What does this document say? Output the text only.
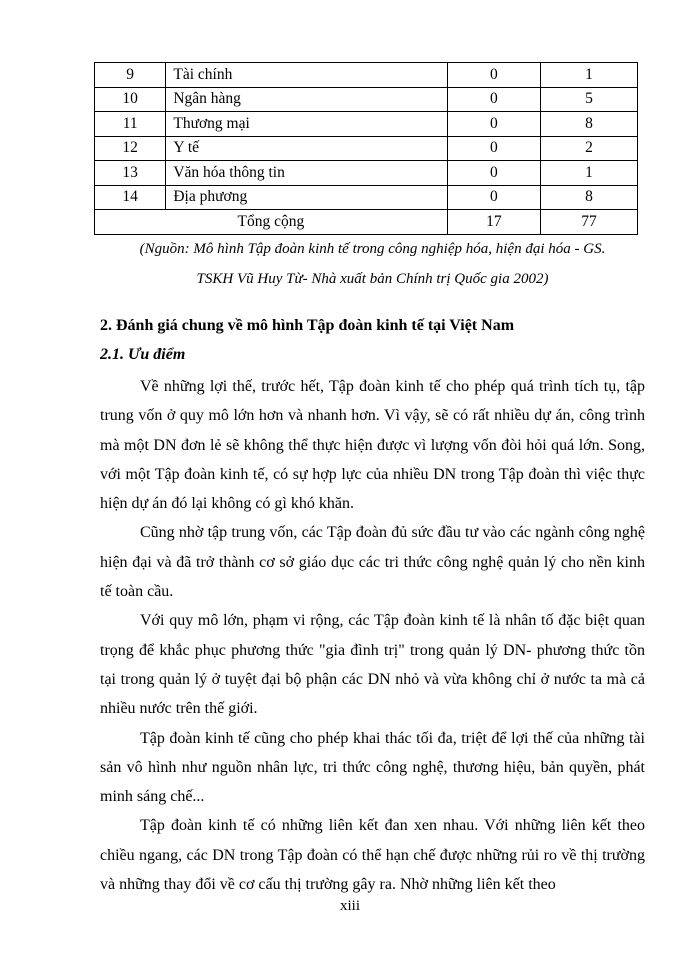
9	Tài chính	0	1
10	Ngân hàng	0	5
11	Thương mại	0	8
12	Y tế	0	2
13	Văn hóa thông tin	0	1
14	Địa phương	0	8
Tổng cộng		17	77

(Nguồn: Mô hình Tập đoàn kinh tế trong công nghiệp hóa, hiện đại hóa - GS.
TSKH Vũ Huy Từ- Nhà xuất bản Chính trị Quốc gia 2002)

2. Đánh giá chung về mô hình Tập đoàn kinh tế tại Việt Nam

2.1. Ưu điểm

Về những lợi thế, trước hết, Tập đoàn kinh tế cho phép quá trình tích tụ, tập trung vốn ở quy mô lớn hơn và nhanh hơn. Vì vậy, sẽ có rất nhiều dự án, công trình mà một DN đơn lẻ sẽ không thể thực hiện được vì lượng vốn đòi hỏi quá lớn. Song, với một Tập đoàn kinh tế, có sự hợp lực của nhiều DN trong Tập đoàn thì việc thực hiện dự án đó lại không có gì khó khăn.

Cũng nhờ tập trung vốn, các Tập đoàn đủ sức đầu tư vào các ngành công nghệ hiện đại và đã trở thành cơ sở giáo dục các tri thức công nghệ quản lý cho nền kinh tế toàn cầu.

Với quy mô lớn, phạm vi rộng, các Tập đoàn kinh tế là nhân tố đặc biệt quan trọng để khắc phục phương thức "gia đình trị" trong quản lý DN- phương thức tồn tại trong quản lý ở tuyệt đại bộ phận các DN nhỏ và vừa không chỉ ở nước ta mà cả nhiều nước trên thế giới.

Tập đoàn kinh tế cũng cho phép khai thác tối đa, triệt để lợi thế của những tài sản vô hình như nguồn nhân lực, tri thức công nghệ, thương hiệu, bản quyền, phát minh sáng chế...

Tập đoàn kinh tế có những liên kết đan xen nhau. Với những liên kết theo chiều ngang, các DN trong Tập đoàn có thể hạn chế được những rủi ro về thị trường và những thay đổi về cơ cấu thị trường gây ra. Nhờ những liên kết theo

xiii
